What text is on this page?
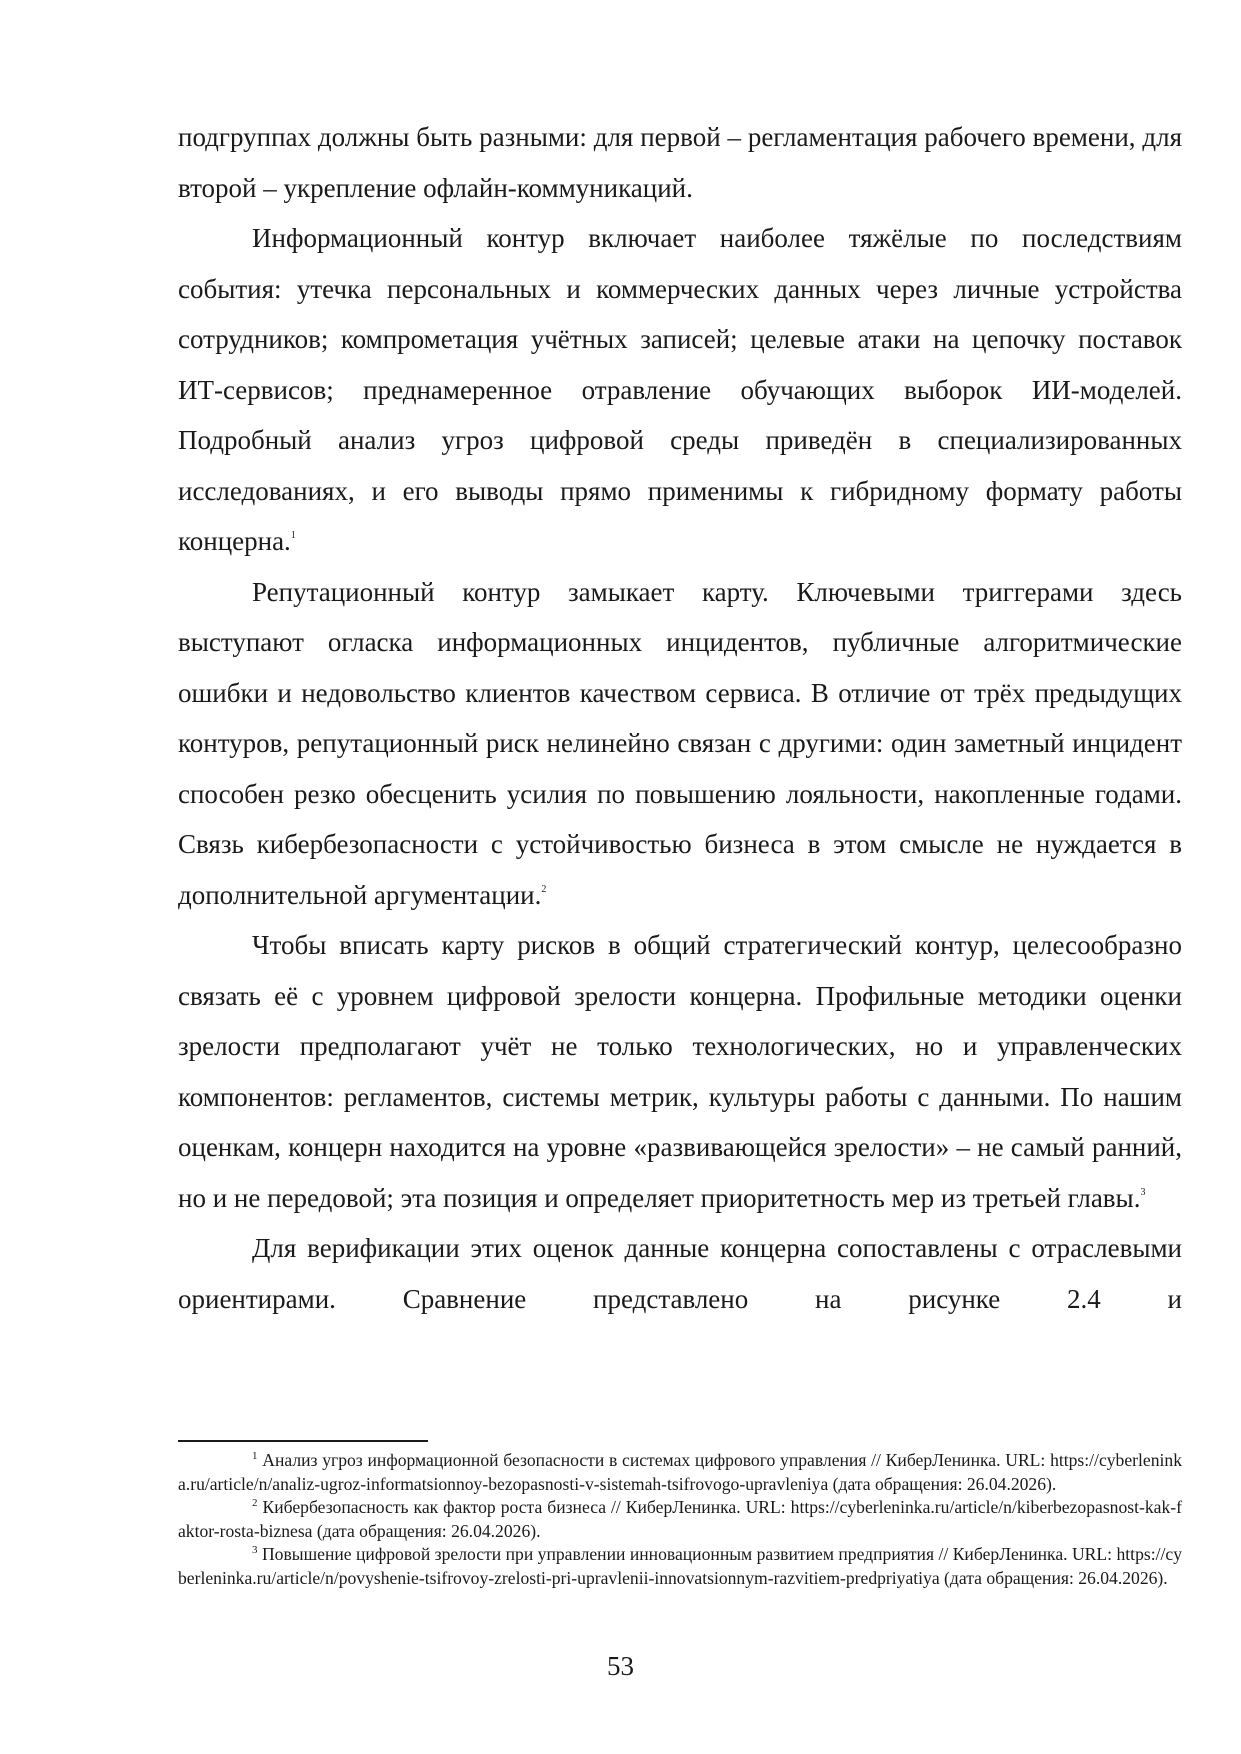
подгруппах должны быть разными: для первой – регламентация рабочего времени, для второй – укрепление офлайн-коммуникаций.

Информационный контур включает наиболее тяжёлые по последствиям события: утечка персональных и коммерческих данных через личные устройства сотрудников; компрометация учётных записей; целевые атаки на цепочку поставок ИТ-сервисов; преднамеренное отравление обучающих выборок ИИ-моделей. Подробный анализ угроз цифровой среды приведён в специализированных исследованиях, и его выводы прямо применимы к гибридному формату работы концерна.$^1$

Репутационный контур замыкает карту. Ключевыми триггерами здесь выступают огласка информационных инцидентов, публичные алгоритмические ошибки и недовольство клиентов качеством сервиса. В отличие от трёх предыдущих контуров, репутационный риск нелинейно связан с другими: один заметный инцидент способен резко обесценить усилия по повышению лояльности, накопленные годами. Связь кибербезопасности с устойчивостью бизнеса в этом смысле не нуждается в дополнительной аргументации.$^2$

Чтобы вписать карту рисков в общий стратегический контур, целесообразно связать её с уровнем цифровой зрелости концерна. Профильные методики оценки зрелости предполагают учёт не только технологических, но и управленческих компонентов: регламентов, системы метрик, культуры работы с данными. По нашим оценкам, концерн находится на уровне «развивающейся зрелости» – не самый ранний, но и не передовой; эта позиция и определяет приоритетность мер из третьей главы.$^3$

Для верификации этих оценок данные концерна сопоставлены с отраслевыми ориентирами. Сравнение представлено на рисунке 2.4 и

$^1$ Анализ угроз информационной безопасности в системах цифрового управления // КиберЛенинка. URL: https://cyberleninka.ru/article/n/analiz-ugroz-informatsionnoy-bezopasnosti-v-sistemah-tsifrovogo-upravleniya (дата обращения: 26.04.2026).

$^2$ Кибербезопасность как фактор роста бизнеса // КиберЛенинка. URL: https://cyberleninka.ru/article/n/kiberbezopasnost-kak-faktor-rosta-biznesa (дата обращения: 26.04.2026).

$^3$ Повышение цифровой зрелости при управлении инновационным развитием предприятия // КиберЛенинка. URL: https://cyberleninka.ru/article/n/povyshenie-tsifrovoy-zrelosti-pri-upravlenii-innovatsionnym-razvitiem-predpriyatiya (дата обращения: 26.04.2026).

53
